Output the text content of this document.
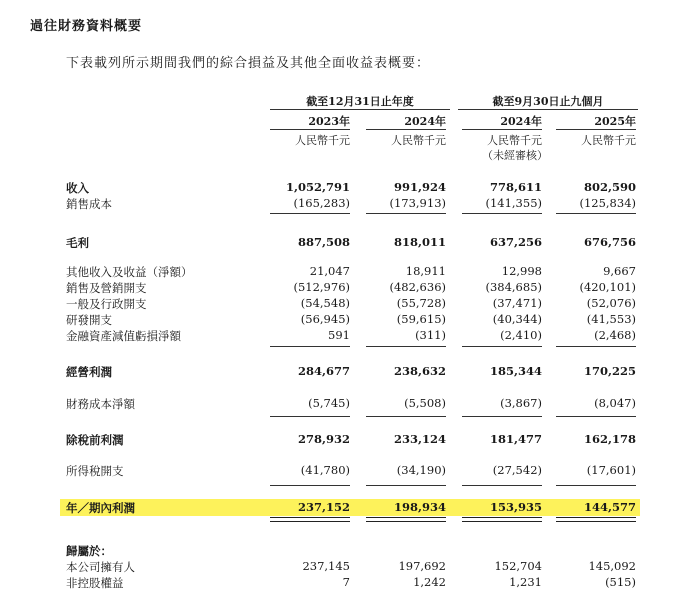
過往財務資料概要
下表載列所示期間我們的綜合損益及其他全面收益表概要：
截至12月31日止年度	截至9月30日止九個月
2023年	2024年	2024年	2025年
人民幣千元	人民幣千元	人民幣千元	人民幣千元
（未經審核）
收入	1,052,791	991,924	778,611	802,590
銷售成本	(165,283)	(173,913)	(141,355)	(125,834)
毛利	887,508	818,011	637,256	676,756
其他收入及收益（淨額）	21,047	18,911	12,998	9,667
銷售及營銷開支	(512,976)	(482,636)	(384,685)	(420,101)
一般及行政開支	(54,548)	(55,728)	(37,471)	(52,076)
研發開支	(56,945)	(59,615)	(40,344)	(41,553)
金融資產減值虧損淨額	591	(311)	(2,410)	(2,468)
經營利潤	284,677	238,632	185,344	170,225
財務成本淨額	(5,745)	(5,508)	(3,867)	(8,047)
除稅前利潤	278,932	233,124	181,477	162,178
所得稅開支	(41,780)	(34,190)	(27,542)	(17,601)
年／期內利潤	237,152	198,934	153,935	144,577
歸屬於：
本公司擁有人	237,145	197,692	152,704	145,092
非控股權益	7	1,242	1,231	(515)
